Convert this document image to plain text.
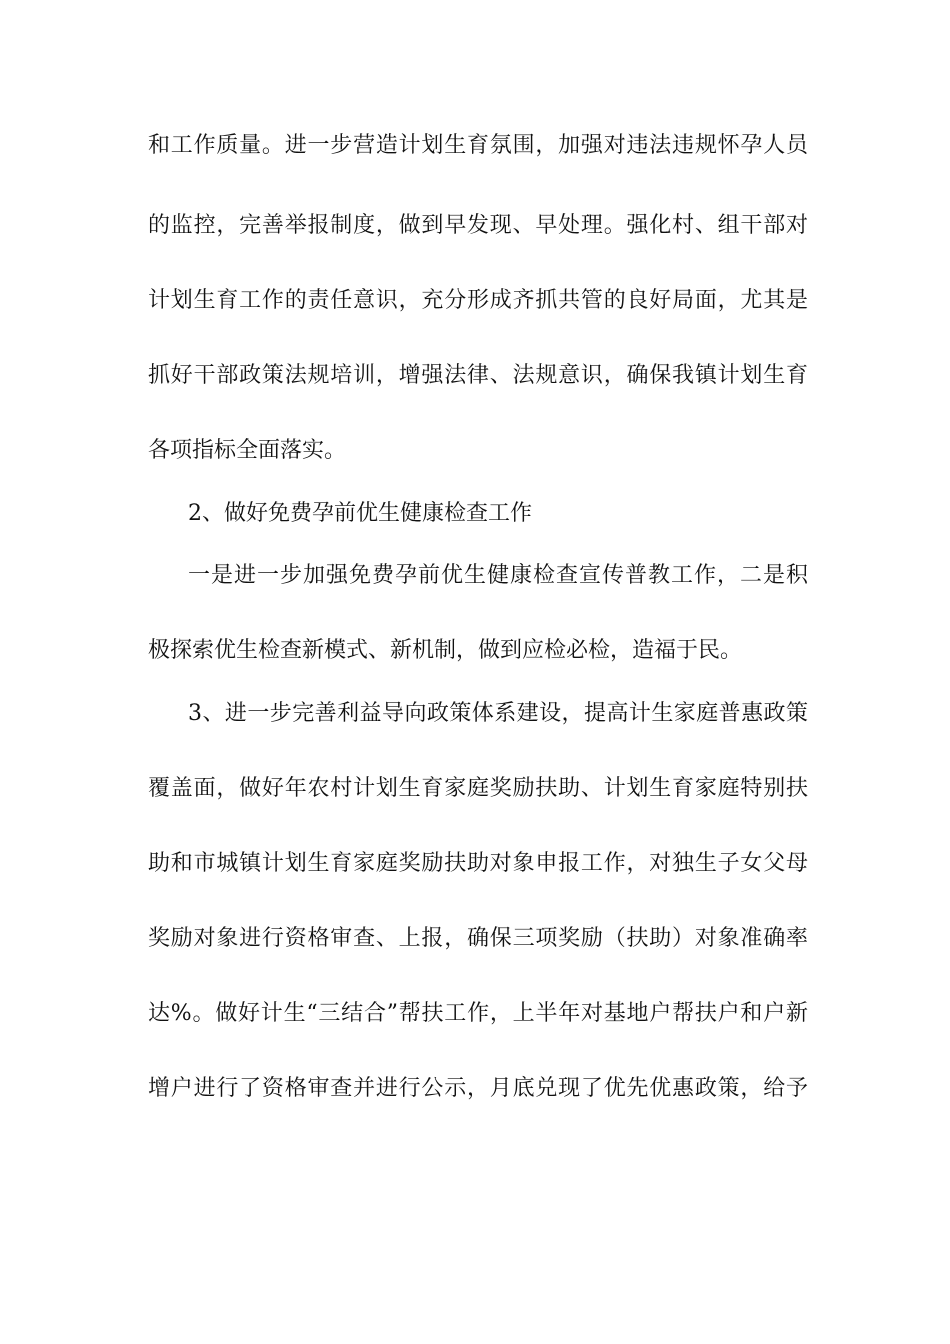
和工作质量。进一步营造计划生育氛围，加强对违法违规怀孕人员
的监控，完善举报制度，做到早发现、早处理。强化村、组干部对
计划生育工作的责任意识，充分形成齐抓共管的良好局面，尤其是
抓好干部政策法规培训，增强法律、法规意识，确保我镇计划生育
各项指标全面落实。
2、做好免费孕前优生健康检查工作
一是进一步加强免费孕前优生健康检查宣传普教工作，二是积
极探索优生检查新模式、新机制，做到应检必检，造福于民。
3、进一步完善利益导向政策体系建设，提高计生家庭普惠政策
覆盖面，做好年农村计划生育家庭奖励扶助、计划生育家庭特别扶
助和市城镇计划生育家庭奖励扶助对象申报工作，对独生子女父母
奖励对象进行资格审查、上报，确保三项奖励（扶助）对象准确率
达%。做好计生“三结合”帮扶工作，上半年对基地户帮扶户和户新
增户进行了资格审查并进行公示，月底兑现了优先优惠政策，给予
